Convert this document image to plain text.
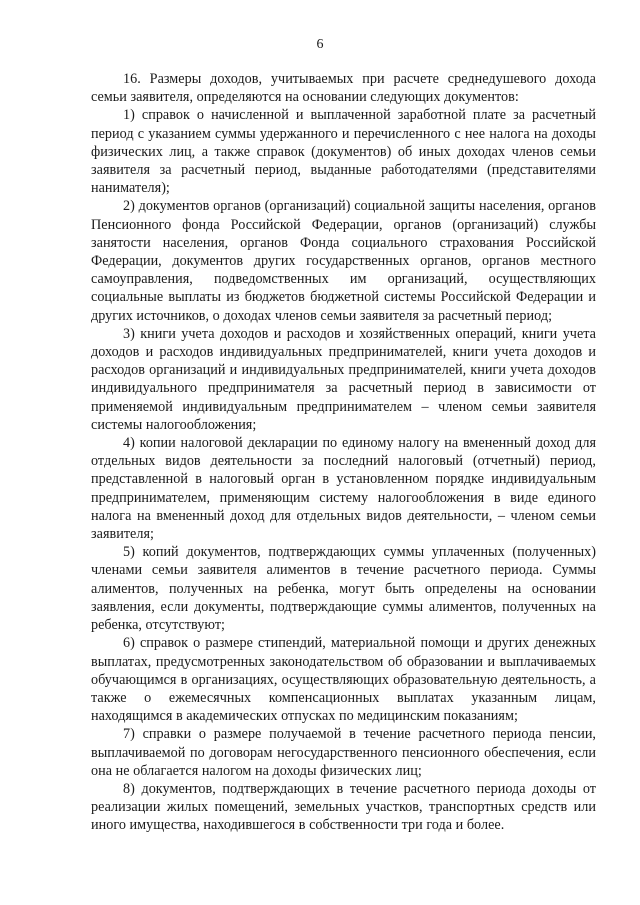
6

16. Размеры доходов, учитываемых при расчете среднедушевого дохода семьи заявителя, определяются на основании следующих документов:

1) справок о начисленной и выплаченной заработной плате за расчетный период с указанием суммы удержанного и перечисленного с нее налога на доходы физических лиц, а также справок (документов) об иных доходах членов семьи заявителя за расчетный период, выданные работодателями (представителями нанимателя);

2) документов органов (организаций) социальной защиты населения, органов Пенсионного фонда Российской Федерации, органов (организаций) службы занятости населения, органов Фонда социального страхования Российской Федерации, документов других государственных органов, органов местного самоуправления, подведомственных им организаций, осуществляющих социальные выплаты из бюджетов бюджетной системы Российской Федерации и других источников, о доходах членов семьи заявителя за расчетный период;

3) книги учета доходов и расходов и хозяйственных операций, книги учета доходов и расходов индивидуальных предпринимателей, книги учета доходов и расходов организаций и индивидуальных предпринимателей, книги учета доходов индивидуального предпринимателя за расчетный период в зависимости от применяемой индивидуальным предпринимателем – членом семьи заявителя системы налогообложения;

4) копии налоговой декларации по единому налогу на вмененный доход для отдельных видов деятельности за последний налоговый (отчетный) период, представленной в налоговый орган в установленном порядке индивидуальным предпринимателем, применяющим систему налогообложения в виде единого налога на вмененный доход для отдельных видов деятельности, – членом семьи заявителя;

5) копий документов, подтверждающих суммы уплаченных (полученных) членами семьи заявителя алиментов в течение расчетного периода. Суммы алиментов, полученных на ребенка, могут быть определены на основании заявления, если документы, подтверждающие суммы алиментов, полученных на ребенка, отсутствуют;

6) справок о размере стипендий, материальной помощи и других денежных выплатах, предусмотренных законодательством об образовании и выплачиваемых обучающимся в организациях, осуществляющих образовательную деятельность, а также о ежемесячных компенсационных выплатах указанным лицам, находящимся в академических отпусках по медицинским показаниям;

7) справки о размере получаемой в течение расчетного периода пенсии, выплачиваемой по договорам негосударственного пенсионного обеспечения, если она не облагается налогом на доходы физических лиц;

8) документов, подтверждающих в течение расчетного периода доходы от реализации жилых помещений, земельных участков, транспортных средств или иного имущества, находившегося в собственности три года и более.
